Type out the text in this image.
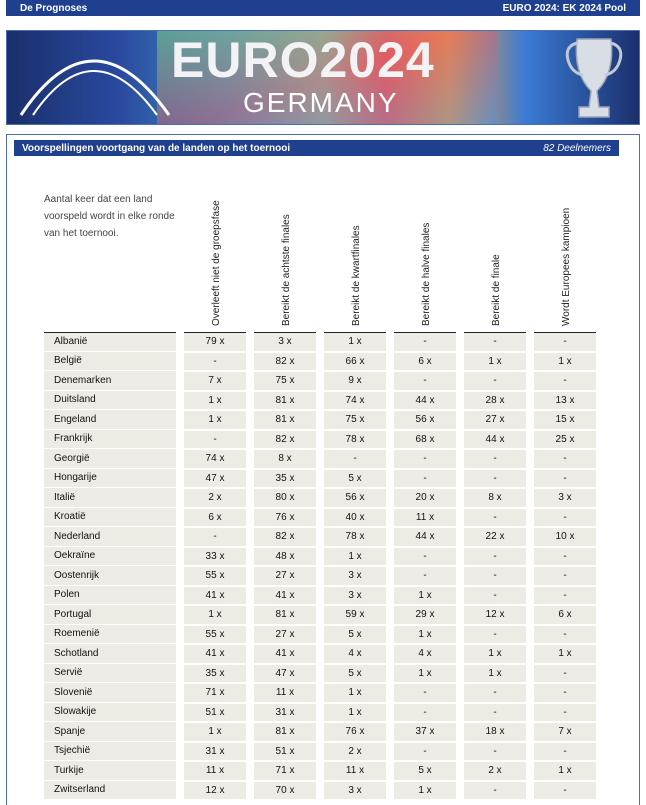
De Prognoses	EURO 2024: EK 2024 Pool
EURO2024
GERMANY
Voorspellingen voortgang van de landen op het toernooi	82 Deelnemers
Aantal keer dat een land voorspeld wordt in elke ronde van het toernooi.	Overleeft niet de groepsfase	Bereikt de achtste finales	Bereikt de kwartfinales	Bereikt de halve finales	Bereikt de finale	Wordt Europees kampioen
Albanië		79 x		3 x		1 x		-		-		-
België		-		82 x		66 x		6 x		1 x		1 x
Denemarken		7 x		75 x		9 x		-		-		-
Duitsland		1 x		81 x		74 x		44 x		28 x		13 x
Engeland		1 x		81 x		75 x		56 x		27 x		15 x
Frankrijk		-		82 x		78 x		68 x		44 x		25 x
Georgië		74 x		8 x		-		-		-		-
Hongarije		47 x		35 x		5 x		-		-		-
Italië		2 x		80 x		56 x		20 x		8 x		3 x
Kroatië		6 x		76 x		40 x		11 x		-		-
Nederland		-		82 x		78 x		44 x		22 x		10 x
Oekraïne		33 x		48 x		1 x		-		-		-
Oostenrijk		55 x		27 x		3 x		-		-		-
Polen		41 x		41 x		3 x		1 x		-		-
Portugal		1 x		81 x		59 x		29 x		12 x		6 x
Roemenië		55 x		27 x		5 x		1 x		-		-
Schotland		41 x		41 x		4 x		4 x		1 x		1 x
Servië		35 x		47 x		5 x		1 x		1 x		-
Slovenië		71 x		11 x		1 x		-		-		-
Slowakije		51 x		31 x		1 x		-		-		-
Spanje		1 x		81 x		76 x		37 x		18 x		7 x
Tsjechië		31 x		51 x		2 x		-		-		-
Turkije		11 x		71 x		11 x		5 x		2 x		1 x
Zwitserland		12 x		70 x		3 x		1 x		-		-
